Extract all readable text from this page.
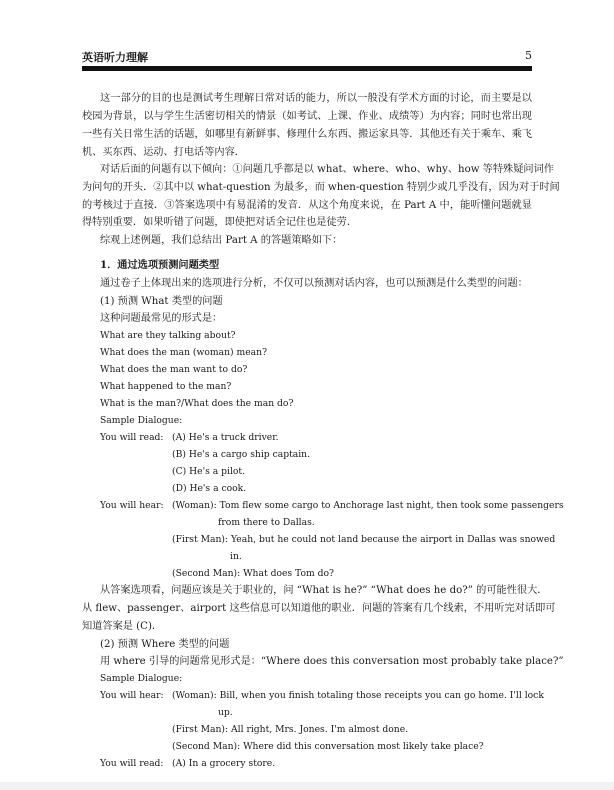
英语听力理解	5
这一部分的目的也是测试考生理解日常对话的能力，所以一般没有学术方面的讨论，而主要是以
校园为背景，以与学生生活密切相关的情景（如考试、上课、作业、成绩等）为内容；同时也常出现
一些有关日常生活的话题，如哪里有新鲜事、修理什么东西、搬运家具等．其他还有关于乘车、乘飞
机、买东西、运动、打电话等内容．
对话后面的问题有以下倾向：①问题几乎都是以 what、where、who、why、how 等特殊疑问词作
为问句的开头．②其中以 what-question 为最多，而 when-question 特别少或几乎没有，因为对于时间
的考核过于直接．③答案选项中有易混淆的发音．从这个角度来说，在 Part A 中，能听懂问题就显
得特别重要．如果听错了问题，即使把对话全记住也是徒劳．
综观上述例题，我们总结出 Part A 的答题策略如下：
1．通过选项预测问题类型
通过卷子上体现出来的选项进行分析，不仅可以预测对话内容，也可以预测是什么类型的问题：
(1) 预测 What 类型的问题
这种问题最常见的形式是：
What are they talking about?
What does the man (woman) mean?
What does the man want to do?
What happened to the man?
What is the man?/What does the man do?
Sample Dialogue:
You will read: (A) He's a truck driver.
(B) He's a cargo ship captain.
(C) He's a pilot.
(D) He's a cook.
You will hear: (Woman): Tom flew some cargo to Anchorage last night, then took some passengers
from there to Dallas.
(First Man): Yeah, but he could not land because the airport in Dallas was snowed
in.
(Second Man): What does Tom do?
从答案选项看，问题应该是关于职业的，问 “What is he?” “What does he do?” 的可能性很大．
从 flew、passenger、airport 这些信息可以知道他的职业．问题的答案有几个线索，不用听完对话即可
知道答案是 (C)．
(2) 预测 Where 类型的问题
用 where 引导的问题常见形式是：“Where does this conversation most probably take place?”
Sample Dialogue:
You will hear: (Woman): Bill, when you finish totaling those receipts you can go home. I'll lock
up.
(First Man): All right, Mrs. Jones. I'm almost done.
(Second Man): Where did this conversation most likely take place?
You will read: (A) In a grocery store.
